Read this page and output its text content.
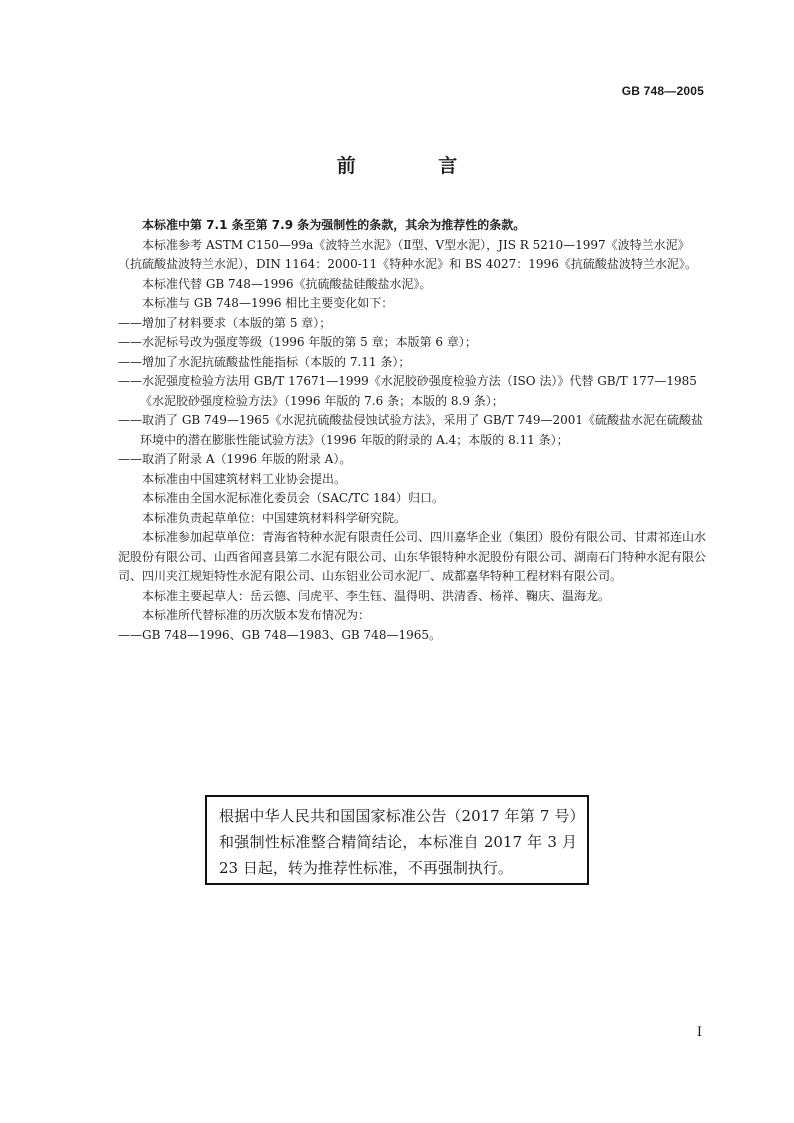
GB 748—2005
前 言

本标准中第 7.1 条至第 7.9 条为强制性的条款，其余为推荐性的条款。

本标准参考 ASTM C150—99a《波特兰水泥》（Ⅱ型、Ⅴ型水泥），JIS R 5210—1997《波特兰水泥》（抗硫酸盐波特兰水泥），DIN 1164：2000-11《特种水泥》和 BS 4027：1996《抗硫酸盐波特兰水泥》。

本标准代替 GB 748—1996《抗硫酸盐硅酸盐水泥》。

本标准与 GB 748—1996 相比主要变化如下：

——增加了材料要求（本版的第 5 章）；

——水泥标号改为强度等级（1996 年版的第 5 章；本版第 6 章）；

——增加了水泥抗硫酸盐性能指标（本版的 7.11 条）；

——水泥强度检验方法用 GB/T 17671—1999《水泥胶砂强度检验方法（ISO 法）》代替 GB/T 177—1985《水泥胶砂强度检验方法》（1996 年版的 7.6 条；本版的 8.9 条）；

——取消了 GB 749—1965《水泥抗硫酸盐侵蚀试验方法》，采用了 GB/T 749—2001《硫酸盐水泥在硫酸盐环境中的潜在膨胀性能试验方法》（1996 年版的附录的 A.4；本版的 8.11 条）；

——取消了附录 A（1996 年版的附录 A）。

本标准由中国建筑材料工业协会提出。

本标准由全国水泥标准化委员会（SAC/TC 184）归口。

本标准负责起草单位：中国建筑材料科学研究院。

本标准参加起草单位：青海省特种水泥有限责任公司、四川嘉华企业（集团）股份有限公司、甘肃祁连山水泥股份有限公司、山西省闻喜县第二水泥有限公司、山东华银特种水泥股份有限公司、湖南石门特种水泥有限公司、四川夹江规矩特性水泥有限公司、山东铝业公司水泥厂、成都嘉华特种工程材料有限公司。

本标准主要起草人：岳云德、闫虎平、李生钰、温得明、洪清香、杨祥、鞠庆、温海龙。

本标准所代替标准的历次版本发布情况为：

——GB 748—1996、GB 748—1983、GB 748—1965。

根据中华人民共和国国家标准公告（2017 年第 7 号）和强制性标准整合精简结论，本标准自 2017 年 3 月 23 日起，转为推荐性标准，不再强制执行。
I
